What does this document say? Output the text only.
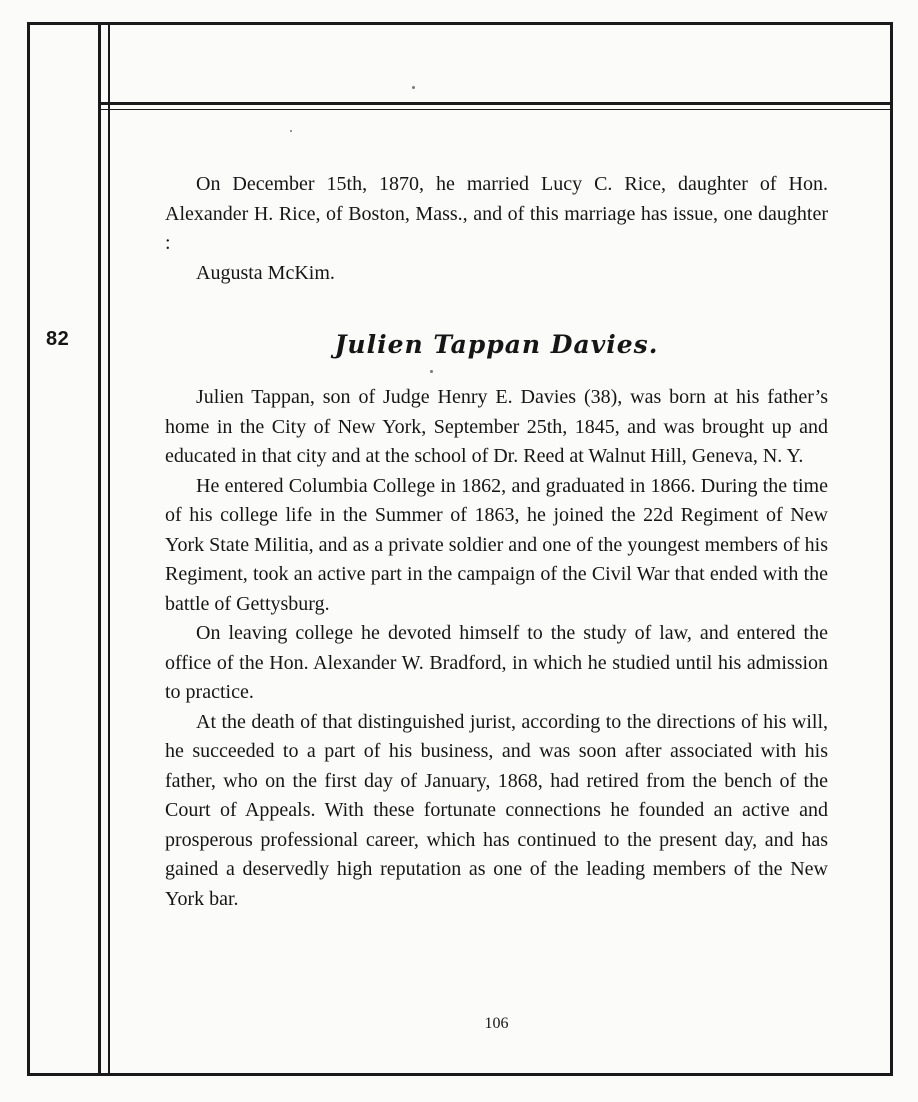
82

On December 15th, 1870, he married Lucy C. Rice, daughter of Hon. Alexander H. Rice, of Boston, Mass., and of this marriage has issue, one daughter :

Augusta McKim.

Julien Tappan Davies.

Julien Tappan, son of Judge Henry E. Davies (38), was born at his father’s home in the City of New York, September 25th, 1845, and was brought up and educated in that city and at the school of Dr. Reed at Walnut Hill, Geneva, N. Y.

He entered Columbia College in 1862, and graduated in 1866. During the time of his college life in the Summer of 1863, he joined the 22d Regiment of New York State Militia, and as a private soldier and one of the youngest members of his Regiment, took an active part in the campaign of the Civil War that ended with the battle of Gettysburg.

On leaving college he devoted himself to the study of law, and entered the office of the Hon. Alexander W. Bradford, in which he studied until his admission to practice.

At the death of that distinguished jurist, according to the directions of his will, he succeeded to a part of his business, and was soon after associated with his father, who on the first day of January, 1868, had retired from the bench of the Court of Appeals. With these fortunate connections he founded an active and prosperous professional career, which has continued to the present day, and has gained a deservedly high reputation as one of the leading members of the New York bar.

106
